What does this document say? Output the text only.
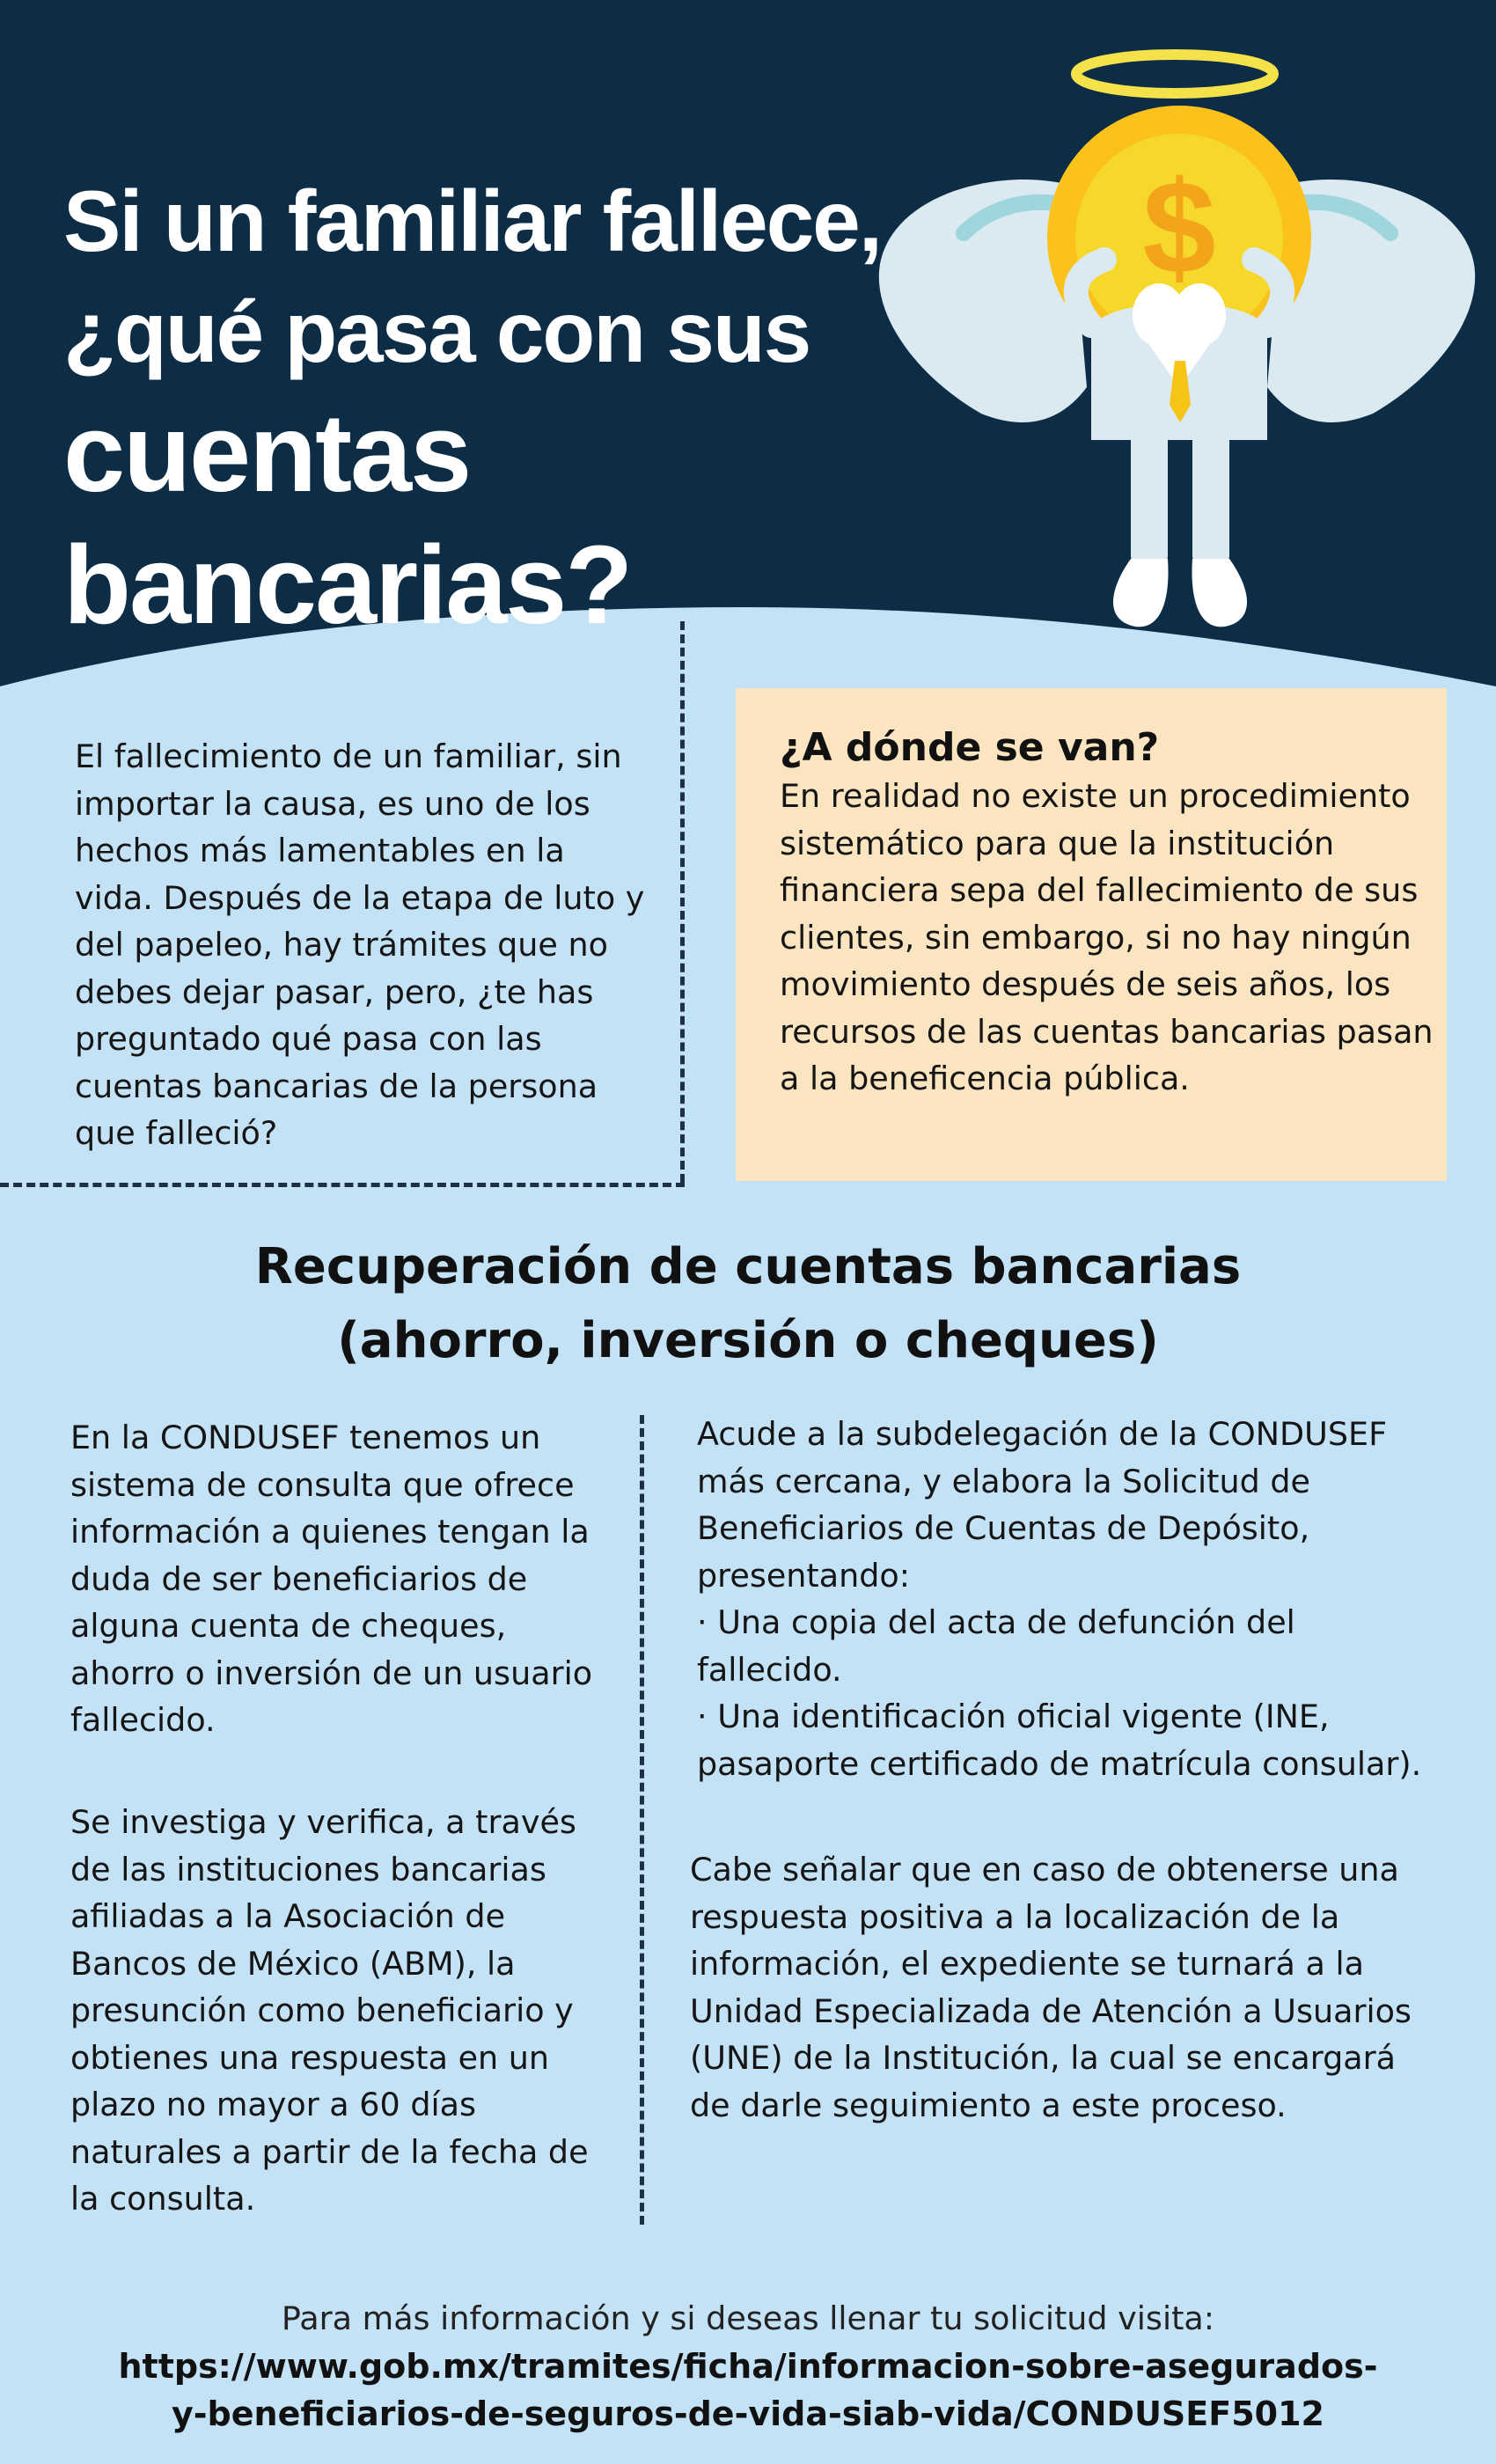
Si un familiar fallece,
¿qué pasa con sus
cuentas bancarias?
$

El fallecimiento de un familiar, sin importar la causa, es uno de los hechos más lamentables en la vida. Después de la etapa de luto y del papeleo, hay trámites que no debes dejar pasar, pero, ¿te has preguntado qué pasa con las cuentas bancarias de la persona que falleció?

¿A dónde se van?

En realidad no existe un procedimiento sistemático para que la institución financiera sepa del fallecimiento de sus clientes, sin embargo, si no hay ningún movimiento después de seis años, los recursos de las cuentas bancarias pasan a la beneficencia pública.

Recuperación de cuentas bancarias
(ahorro, inversión o cheques)

En la CONDUSEF tenemos un sistema de consulta que ofrece información a quienes tengan la duda de ser beneficiarios de alguna cuenta de cheques, ahorro o inversión de un usuario fallecido.

Se investiga y verifica, a través de las instituciones bancarias afiliadas a la Asociación de Bancos de México (ABM), la presunción como beneficiario y obtienes una respuesta en un plazo no mayor a 60 días naturales a partir de la fecha de la consulta.

Acude a la subdelegación de la CONDUSEF más cercana, y elabora la Solicitud de Beneficiarios de Cuentas de Depósito, presentando:
· Una copia del acta de defunción del fallecido.
· Una identificación oficial vigente (INE, pasaporte certificado de matrícula consular).

Cabe señalar que en caso de obtenerse una respuesta positiva a la localización de la información, el expediente se turnará a la Unidad Especializada de Atención a Usuarios (UNE) de la Institución, la cual se encargará de darle seguimiento a este proceso.

Para más información y si deseas llenar tu solicitud visita:

https://www.gob.mx/tramites/ficha/informacion-sobre-asegurados-
y-beneficiarios-de-seguros-de-vida-siab-vida/CONDUSEF5012
